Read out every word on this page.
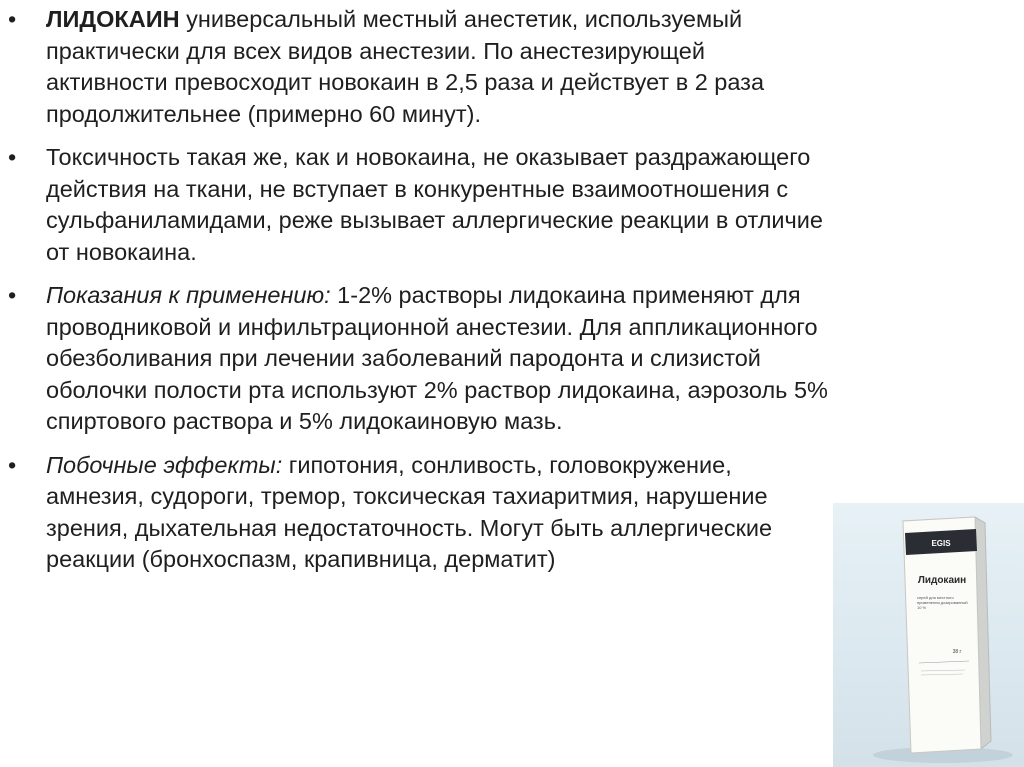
•	ЛИДОКАИН универсальный местный анестетик, используемый практически для всех видов анестезии. По анестезирующей активности превосходит новокаин в 2,5 раза и действует в 2 раза продолжительнее (примерно 60 минут).
•	Токсичность такая же, как и новокаина, не оказывает раздражающего действия на ткани, не вступает в конкурентные взаимоотношения с сульфаниламидами, реже вызывает аллергические реакции в отличие от новокаина.
•	Показания к применению: 1-2% растворы лидокаина применяют для проводниковой и инфильтрационной анестезии. Для аппликационного обезболивания при лечении заболеваний пародонта и слизистой оболочки полости рта используют 2% раствор лидокаина, аэрозоль 5% спиртового раствора и 5% лидокаиновую мазь.
•	Побочные эффекты: гипотония, сонливость, головокружение, амнезия, судороги, тремор, токсическая тахиаритмия, нарушение зрения, дыхательная недостаточность. Могут быть аллергические реакции (бронхоспазм, крапивница, дерматит)
EGIS
Лидокаин
спрей для местного применения дозированный 10 %
38 г
